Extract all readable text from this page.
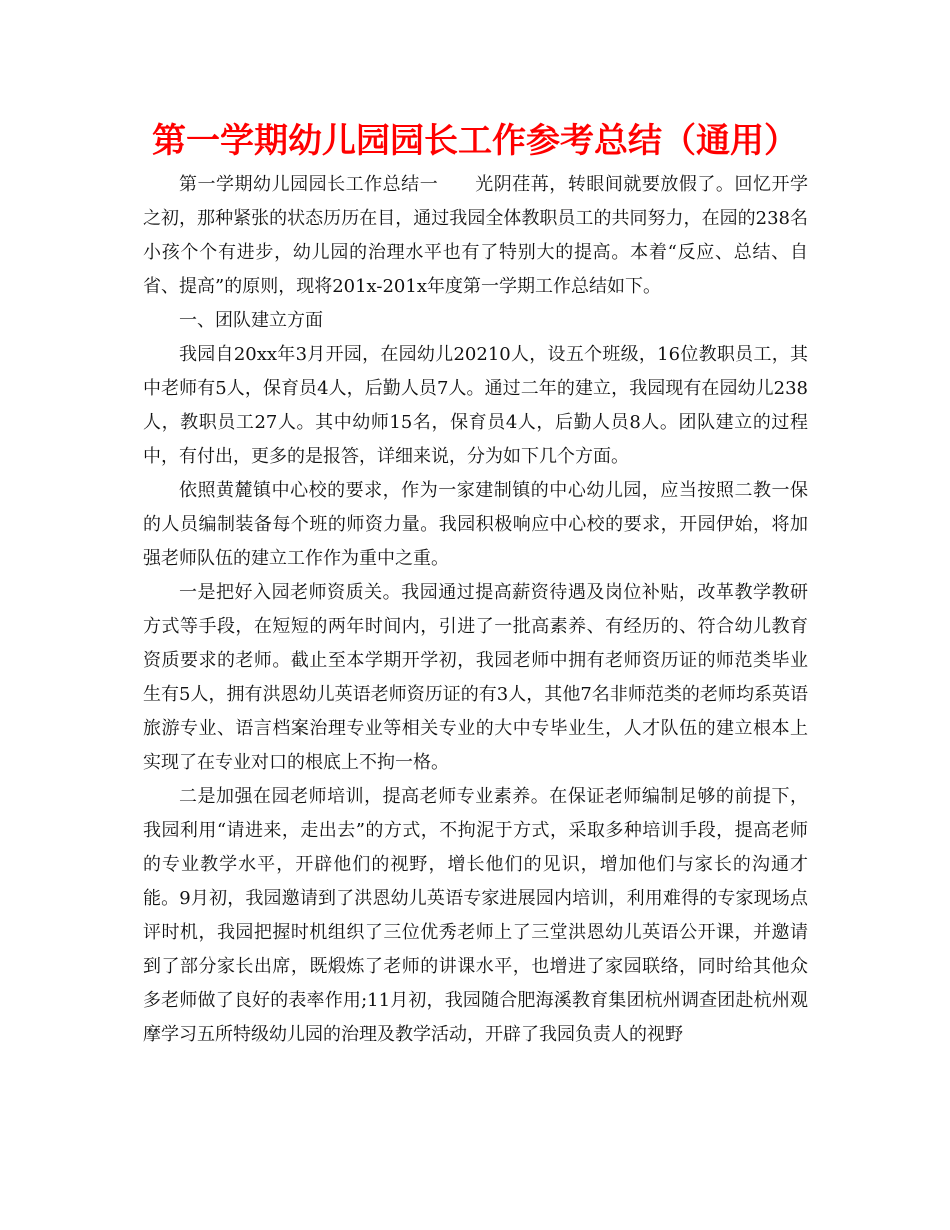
第一学期幼儿园园长工作参考总结（通用）

第一学期幼儿园园长工作总结一　　光阴荏苒，转眼间就要放假了。回忆开学之初，那种紧张的状态历历在目，通过我园全体教职员工的共同努力，在园的238名小孩个个有进步，幼儿园的治理水平也有了特别大的提高。本着“反应、总结、自省、提高”的原则，现将201x-201x年度第一学期工作总结如下。

一、团队建立方面

我园自20xx年3月开园，在园幼儿20210人，设五个班级，16位教职员工，其中老师有5人，保育员4人，后勤人员7人。通过二年的建立，我园现有在园幼儿238人，教职员工27人。其中幼师15名，保育员4人，后勤人员8人。团队建立的过程中，有付出，更多的是报答，详细来说，分为如下几个方面。

依照黄麓镇中心校的要求，作为一家建制镇的中心幼儿园，应当按照二教一保的人员编制装备每个班的师资力量。我园积极响应中心校的要求，开园伊始，将加强老师队伍的建立工作作为重中之重。

一是把好入园老师资质关。我园通过提高薪资待遇及岗位补贴，改革教学教研方式等手段，在短短的两年时间内，引进了一批高素养、有经历的、符合幼儿教育资质要求的老师。截止至本学期开学初，我园老师中拥有老师资历证的师范类毕业生有5人，拥有洪恩幼儿英语老师资历证的有3人，其他7名非师范类的老师均系英语旅游专业、语言档案治理专业等相关专业的大中专毕业生，人才队伍的建立根本上实现了在专业对口的根底上不拘一格。

二是加强在园老师培训，提高老师专业素养。在保证老师编制足够的前提下，我园利用“请进来，走出去”的方式，不拘泥于方式，采取多种培训手段，提高老师的专业教学水平，开辟他们的视野，增长他们的见识，增加他们与家长的沟通才能。9月初，我园邀请到了洪恩幼儿英语专家进展园内培训，利用难得的专家现场点评时机，我园把握时机组织了三位优秀老师上了三堂洪恩幼儿英语公开课，并邀请到了部分家长出席，既煅炼了老师的讲课水平，也增进了家园联络，同时给其他众多老师做了良好的表率作用;11月初，我园随合肥海溪教育集团杭州调查团赴杭州观摩学习五所特级幼儿园的治理及教学活动，开辟了我园负责人的视野
